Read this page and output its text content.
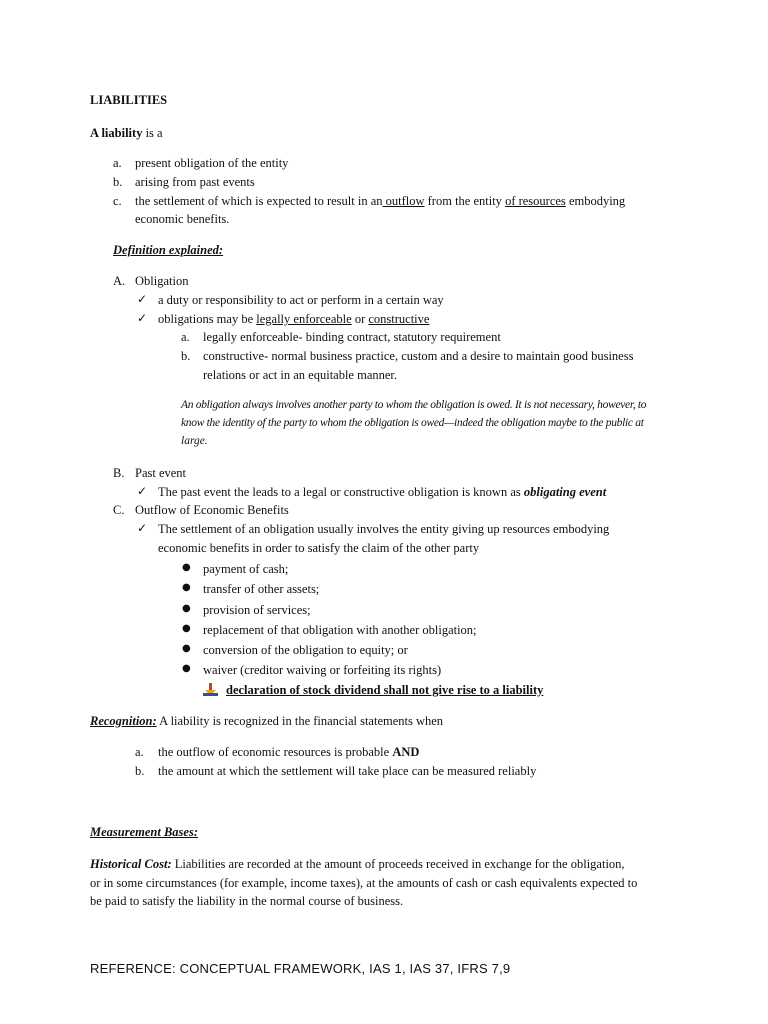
LIABILITIES
A liability is a
a. present obligation of the entity
b. arising from past events
c. the settlement of which is expected to result in an outflow from the entity of resources embodying
economic benefits.
Definition explained:
A. Obligation
✓ a duty or responsibility to act or perform in a certain way
✓ obligations may be legally enforceable or constructive
a. legally enforceable- binding contract, statutory requirement
b. constructive- normal business practice, custom and a desire to maintain good business
relations or act in an equitable manner.
An obligation always involves another party to whom the obligation is owed. It is not necessary, however, to
know the identity of the party to whom the obligation is owed—indeed the obligation maybe to the public at
large.
B. Past event
✓ The past event the leads to a legal or constructive obligation is known as obligating event
C. Outflow of Economic Benefits
✓ The settlement of an obligation usually involves the entity giving up resources embodying
economic benefits in order to satisfy the claim of the other party
● payment of cash;
● transfer of other assets;
● provision of services;
● replacement of that obligation with another obligation;
● conversion of the obligation to equity; or
● waiver (creditor waiving or forfeiting its rights)
declaration of stock dividend shall not give rise to a liability
Recognition: A liability is recognized in the financial statements when
a. the outflow of economic resources is probable AND
b. the amount at which the settlement will take place can be measured reliably
Measurement Bases:
Historical Cost: Liabilities are recorded at the amount of proceeds received in exchange for the obligation,
or in some circumstances (for example, income taxes), at the amounts of cash or cash equivalents expected to
be paid to satisfy the liability in the normal course of business.
REFERENCE: CONCEPTUAL FRAMEWORK, IAS 1, IAS 37, IFRS 7,9
